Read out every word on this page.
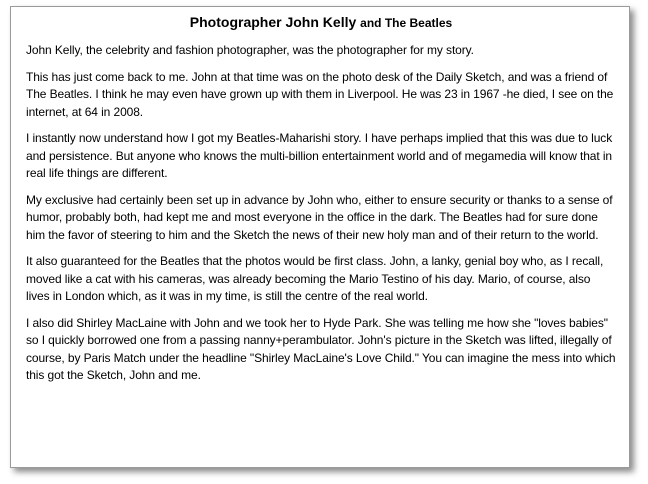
Photographer John Kelly and The Beatles

John Kelly, the celebrity and fashion photographer, was the photographer for my story.

This has just come back to me. John at that time was on the photo desk of the Daily Sketch, and was a friend of The Beatles. I think he may even have grown up with them in Liverpool. He was 23 in 1967 -he died, I see on the internet, at 64 in 2008.

I instantly now understand how I got my Beatles-Maharishi story. I have perhaps implied that this was due to luck and persistence. But anyone who knows the multi-billion entertainment world and of megamedia will know that in real life things are different.

My exclusive had certainly been set up in advance by John who, either to ensure security or thanks to a sense of humor, probably both, had kept me and most everyone in the office in the dark. The Beatles had for sure done him the favor of steering to him and the Sketch the news of their new holy man and of their return to the world.

It also guaranteed for the Beatles that the photos would be first class. John, a lanky, genial boy who, as I recall, moved like a cat with his cameras, was already becoming the Mario Testino of his day. Mario, of course, also lives in London which, as it was in my time, is still the centre of the real world.

I also did Shirley MacLaine with John and we took her to Hyde Park. She was telling me how she "loves babies" so I quickly borrowed one from a passing nanny+perambulator. John's picture in the Sketch was lifted, illegally of course, by Paris Match under the headline "Shirley MacLaine's Love Child." You can imagine the mess into which this got the Sketch, John and me.
